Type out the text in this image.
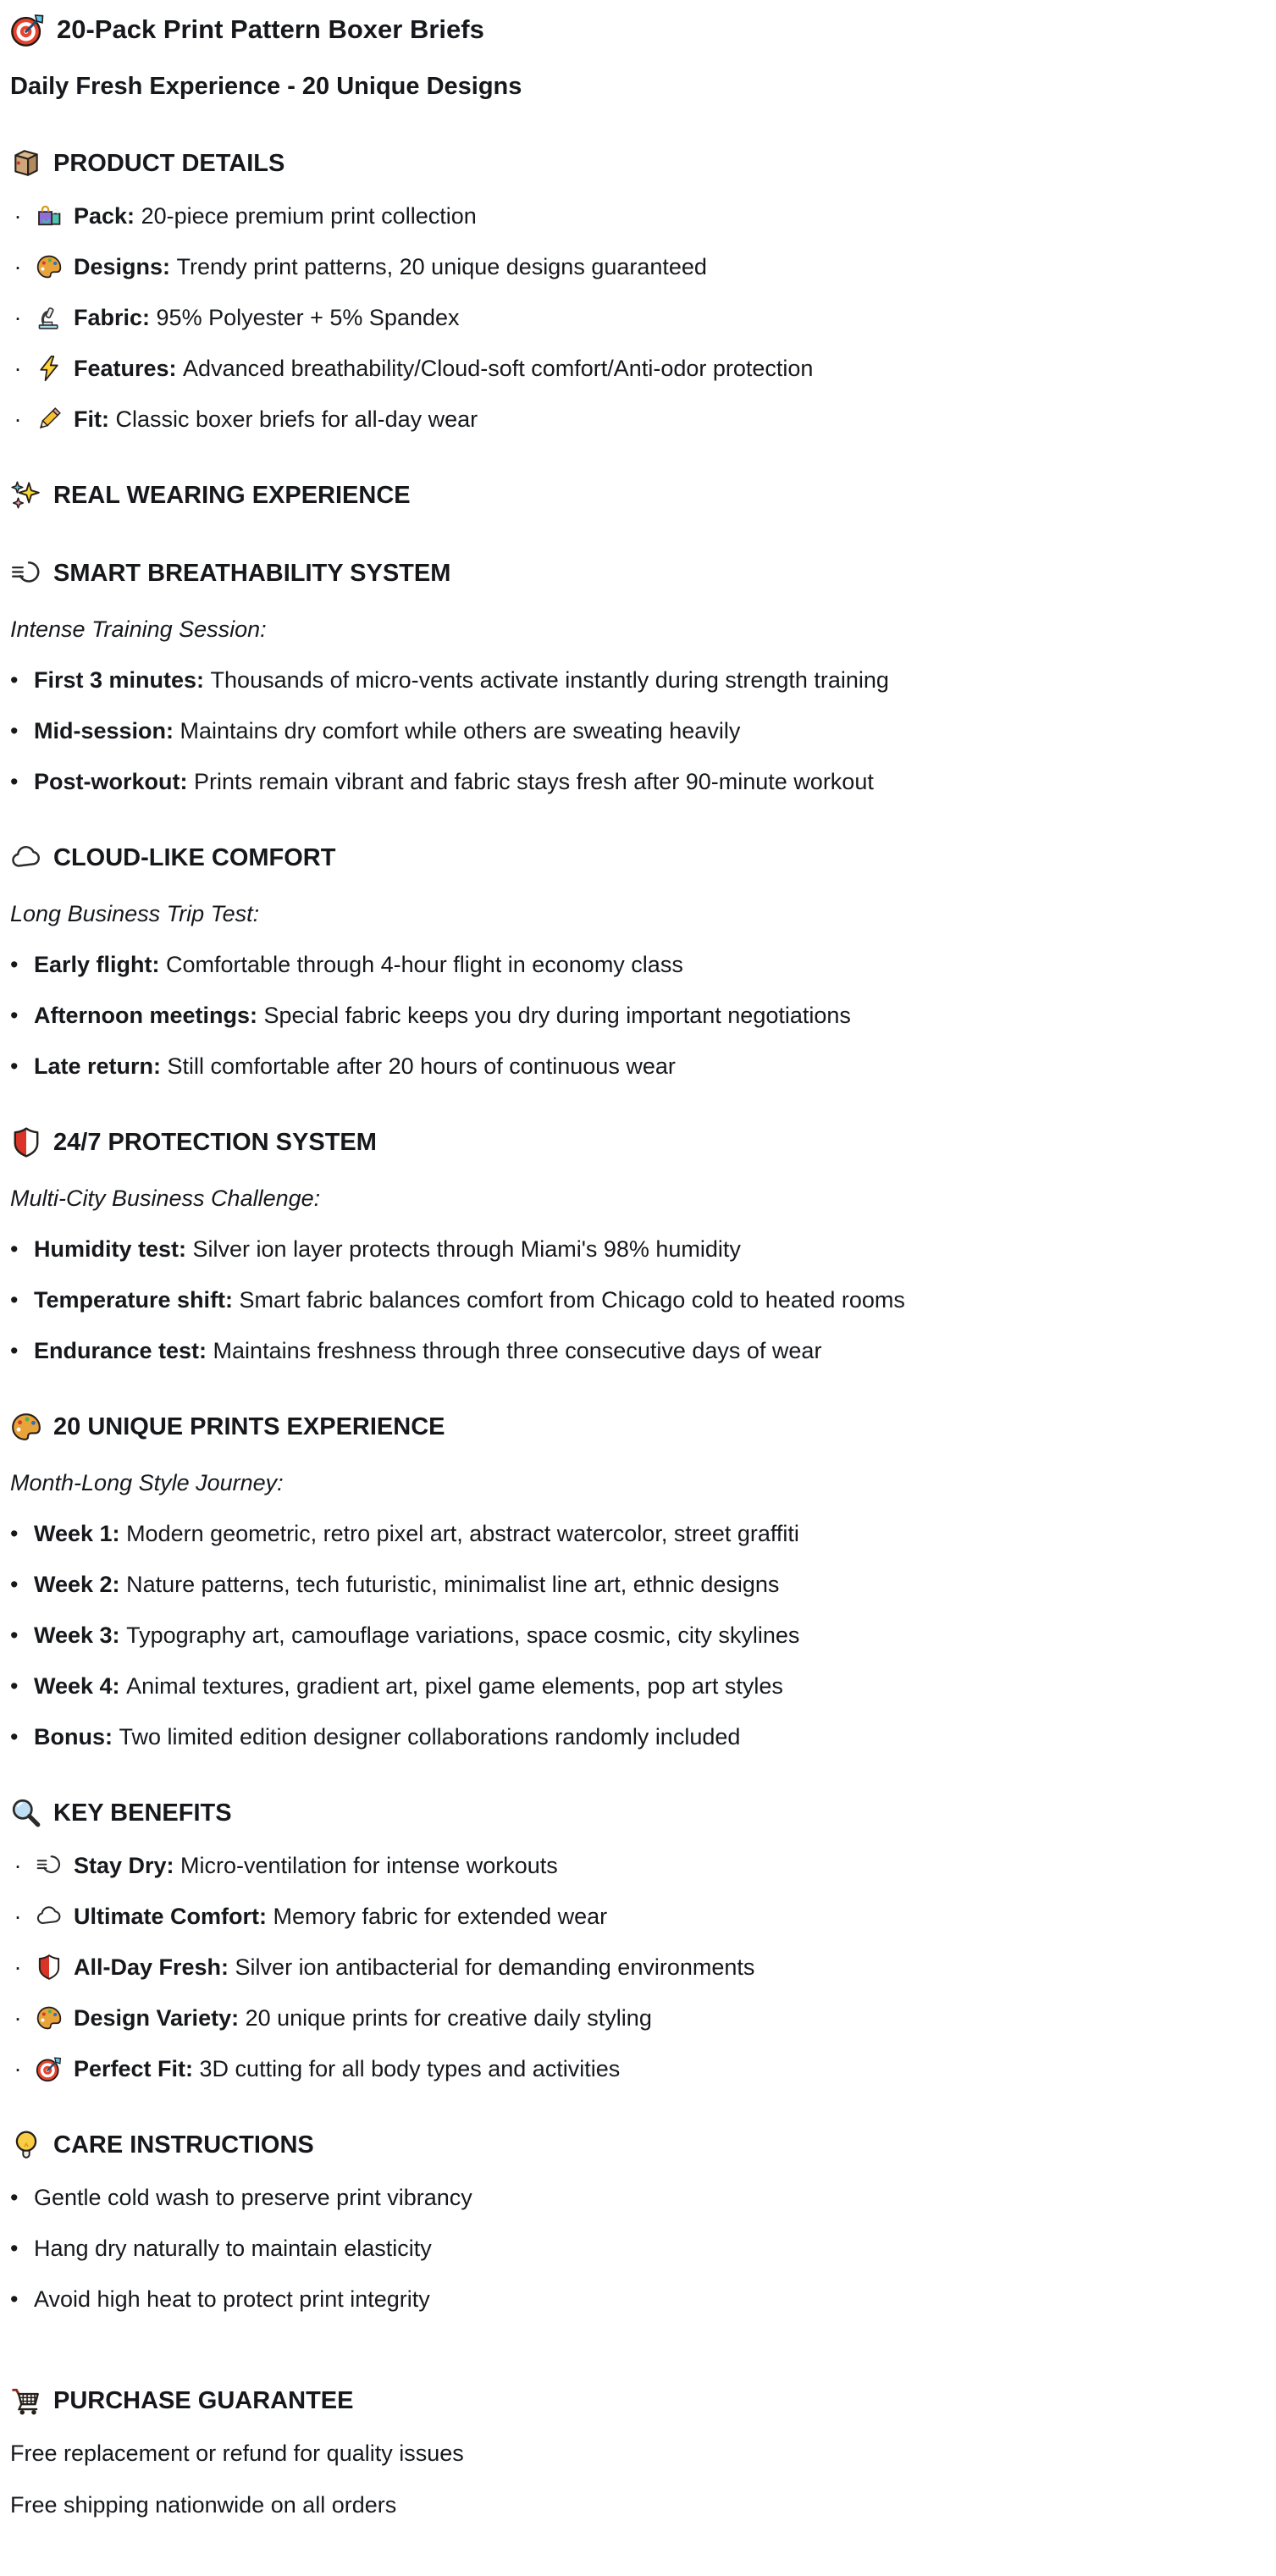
20-Pack Print Pattern Boxer Briefs

Daily Fresh Experience - 20 Unique Designs

PRODUCT DETAILS
· Pack: 20-piece premium print collection
· Designs: Trendy print patterns, 20 unique designs guaranteed
· Fabric: 95% Polyester + 5% Spandex
· Features: Advanced breathability/Cloud-soft comfort/Anti-odor protection
· Fit: Classic boxer briefs for all-day wear
REAL WEARING EXPERIENCE
SMART BREATHABILITY SYSTEM

Intense Training Session:

• First 3 minutes: Thousands of micro-vents activate instantly during strength training
• Mid-session: Maintains dry comfort while others are sweating heavily
• Post-workout: Prints remain vibrant and fabric stays fresh after 90-minute workout
CLOUD-LIKE COMFORT

Long Business Trip Test:

• Early flight: Comfortable through 4-hour flight in economy class
• Afternoon meetings: Special fabric keeps you dry during important negotiations
• Late return: Still comfortable after 20 hours of continuous wear
24/7 PROTECTION SYSTEM

Multi-City Business Challenge:

• Humidity test: Silver ion layer protects through Miami's 98% humidity
• Temperature shift: Smart fabric balances comfort from Chicago cold to heated rooms
• Endurance test: Maintains freshness through three consecutive days of wear
20 UNIQUE PRINTS EXPERIENCE

Month-Long Style Journey:

• Week 1: Modern geometric, retro pixel art, abstract watercolor, street graffiti
• Week 2: Nature patterns, tech futuristic, minimalist line art, ethnic designs
• Week 3: Typography art, camouflage variations, space cosmic, city skylines
• Week 4: Animal textures, gradient art, pixel game elements, pop art styles
• Bonus: Two limited edition designer collaborations randomly included
KEY BENEFITS
· Stay Dry: Micro-ventilation for intense workouts
· Ultimate Comfort: Memory fabric for extended wear
· All-Day Fresh: Silver ion antibacterial for demanding environments
· Design Variety: 20 unique prints for creative daily styling
· Perfect Fit: 3D cutting for all body types and activities
CARE INSTRUCTIONS
• Gentle cold wash to preserve print vibrancy
• Hang dry naturally to maintain elasticity
• Avoid high heat to protect print integrity
PURCHASE GUARANTEE

Free replacement or refund for quality issues

Free shipping nationwide on all orders
